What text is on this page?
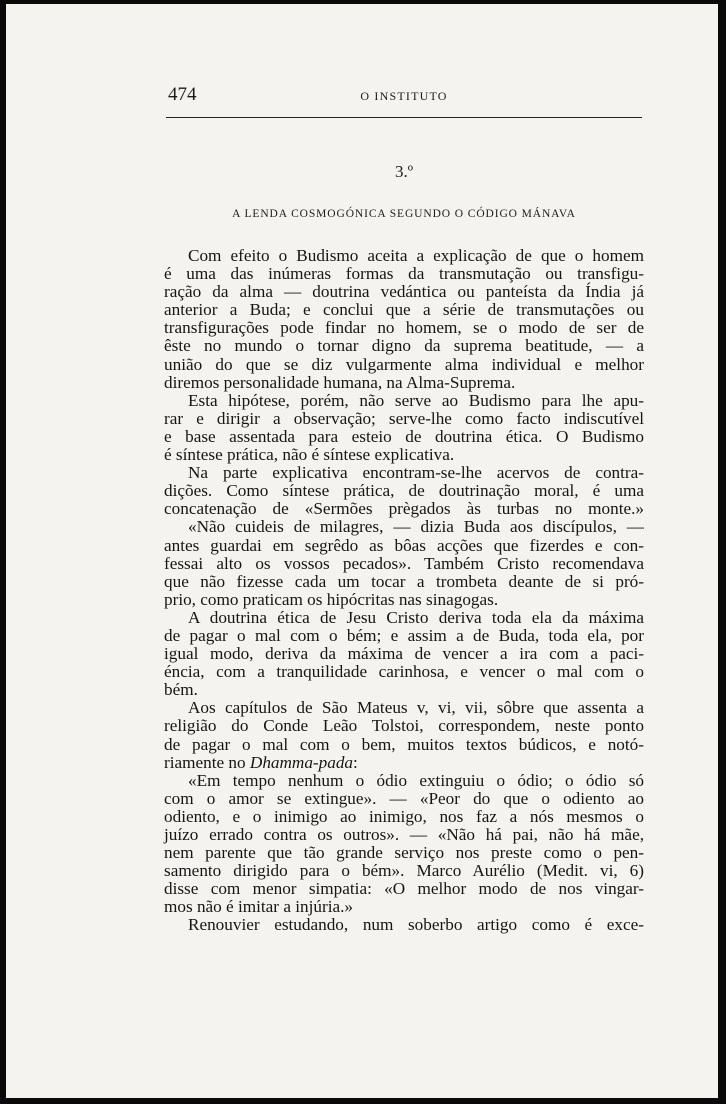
474	O INSTITUTO
3.º
A LENDA COSMOGÓNICA SEGUNDO O CÓDIGO MÁNAVA
Com efeito o Budismo aceita a explicação de que o homem
é uma das inúmeras formas da transmutação ou transfigu-
ração da alma — doutrina vedántica ou panteísta da Índia já
anterior a Buda; e conclui que a série de transmutações ou
transfigurações pode findar no homem, se o modo de ser de
êste no mundo o tornar digno da suprema beatitude, — a
união do que se diz vulgarmente alma individual e melhor
diremos personalidade humana, na Alma-Suprema.
Esta hipótese, porém, não serve ao Budismo para lhe apu-
rar e dirigir a observação; serve-lhe como facto indiscutível
e base assentada para esteio de doutrina ética. O Budismo
é síntese prática, não é síntese explicativa.
Na parte explicativa encontram-se-lhe acervos de contra-
dições. Como síntese prática, de doutrinação moral, é uma
concatenação de «Sermões prègados às turbas no monte.»
«Não cuideis de milagres, — dizia Buda aos discípulos, —
antes guardai em segrêdo as bôas acções que fizerdes e con-
fessai alto os vossos pecados». Também Cristo recomendava
que não fizesse cada um tocar a trombeta deante de si pró-
prio, como praticam os hipócritas nas sinagogas.
A doutrina ética de Jesu Cristo deriva toda ela da máxima
de pagar o mal com o bém; e assim a de Buda, toda ela, por
igual modo, deriva da máxima de vencer a ira com a paci-
éncia, com a tranquilidade carinhosa, e vencer o mal com o
bém.
Aos capítulos de São Mateus v, vi, vii, sôbre que assenta a
religião do Conde Leão Tolstoi, correspondem, neste ponto
de pagar o mal com o bem, muitos textos búdicos, e notó-
riamente no Dhamma-pada:
«Em tempo nenhum o ódio extinguiu o ódio; o ódio só
com o amor se extingue». — «Peor do que o odiento ao
odiento, e o inimigo ao inimigo, nos faz a nós mesmos o
juízo errado contra os outros». — «Não há pai, não há mãe,
nem parente que tão grande serviço nos preste como o pen-
samento dirigido para o bém». Marco Aurélio (Medit. vi, 6)
disse com menor simpatia: «O melhor modo de nos vingar-
mos não é imitar a injúria.»
Renouvier estudando, num soberbo artigo como é exce-
